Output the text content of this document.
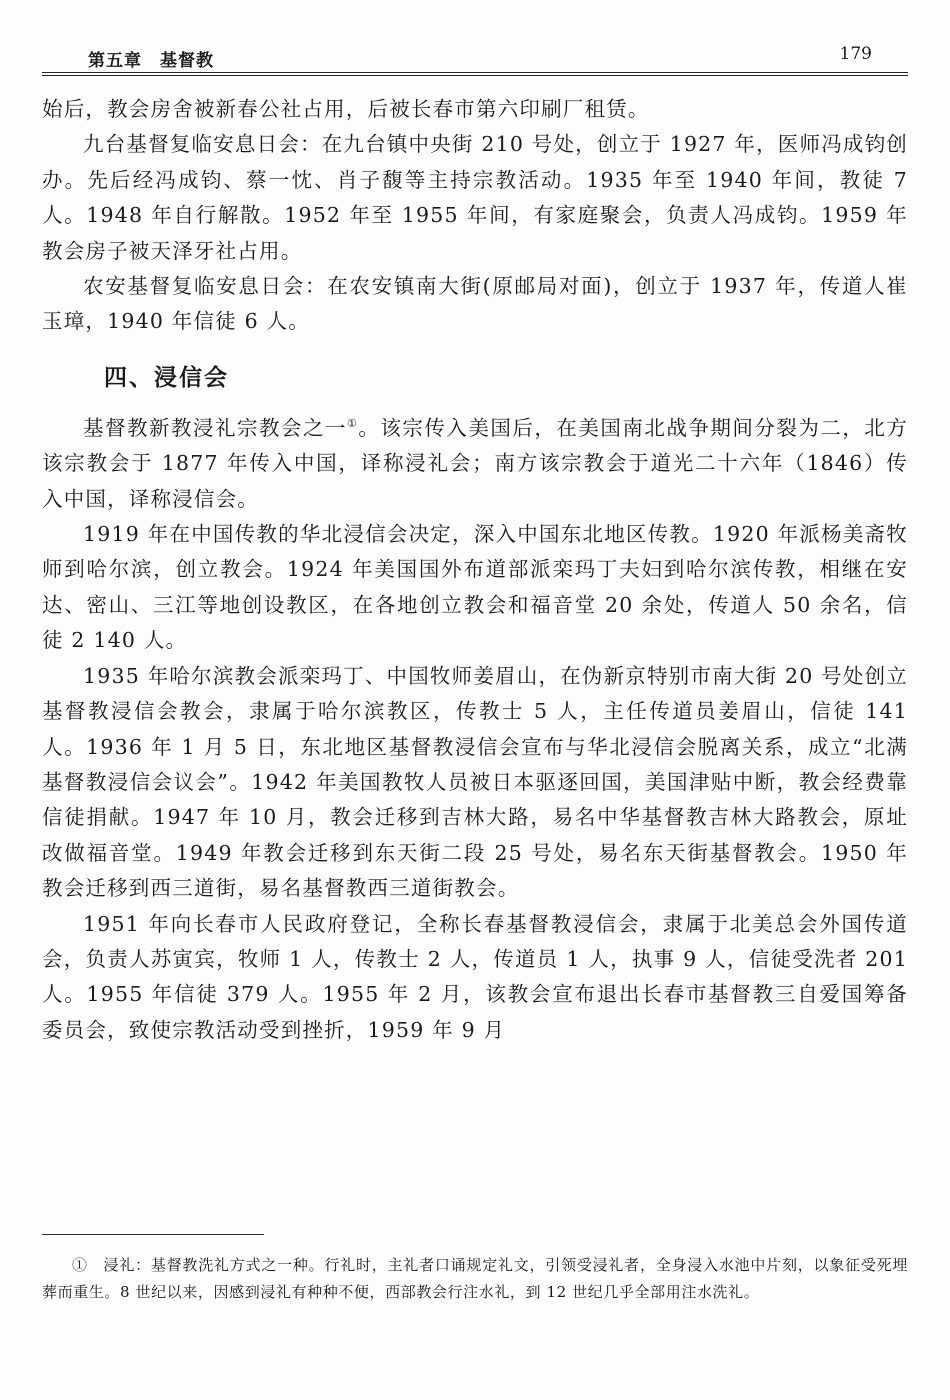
第五章　基督教	179

始后，教会房舍被新春公社占用，后被长春市第六印刷厂租赁。

九台基督复临安息日会：在九台镇中央街 210 号处，创立于 1927 年，医师冯成钧创办。先后经冯成钧、蔡一忱、肖子馥等主持宗教活动。1935 年至 1940 年间，教徒 7 人。1948 年自行解散。1952 年至 1955 年间，有家庭聚会，负责人冯成钧。1959 年教会房子被天泽牙社占用。

农安基督复临安息日会：在农安镇南大街(原邮局对面)，创立于 1937 年，传道人崔玉璋，1940 年信徒 6 人。

四、浸信会

基督教新教浸礼宗教会之一①。该宗传入美国后，在美国南北战争期间分裂为二，北方该宗教会于 1877 年传入中国，译称浸礼会；南方该宗教会于道光二十六年（1846）传入中国，译称浸信会。

1919 年在中国传教的华北浸信会决定，深入中国东北地区传教。1920 年派杨美斋牧师到哈尔滨，创立教会。1924 年美国国外布道部派栾玛丁夫妇到哈尔滨传教，相继在安达、密山、三江等地创设教区，在各地创立教会和福音堂 20 余处，传道人 50 余名，信徒 2 140 人。

1935 年哈尔滨教会派栾玛丁、中国牧师姜眉山，在伪新京特别市南大街 20 号处创立基督教浸信会教会，隶属于哈尔滨教区，传教士 5 人，主任传道员姜眉山，信徒 141 人。1936 年 1 月 5 日，东北地区基督教浸信会宣布与华北浸信会脱离关系，成立“北满基督教浸信会议会”。1942 年美国教牧人员被日本驱逐回国，美国津贴中断，教会经费靠信徒捐献。1947 年 10 月，教会迁移到吉林大路，易名中华基督教吉林大路教会，原址改做福音堂。1949 年教会迁移到东天街二段 25 号处，易名东天街基督教会。1950 年教会迁移到西三道街，易名基督教西三道街教会。

1951 年向长春市人民政府登记，全称长春基督教浸信会，隶属于北美总会外国传道会，负责人苏寅宾，牧师 1 人，传教士 2 人，传道员 1 人，执事 9 人，信徒受洗者 201 人。1955 年信徒 379 人。1955 年 2 月，该教会宣布退出长春市基督教三自爱国筹备委员会，致使宗教活动受到挫折，1959 年 9 月

①　浸礼：基督教洗礼方式之一种。行礼时，主礼者口诵规定礼文，引领受浸礼者，全身浸入水池中片刻，以象征受死埋葬而重生。8 世纪以来，因感到浸礼有种种不便，西部教会行注水礼，到 12 世纪几乎全部用注水洗礼。
